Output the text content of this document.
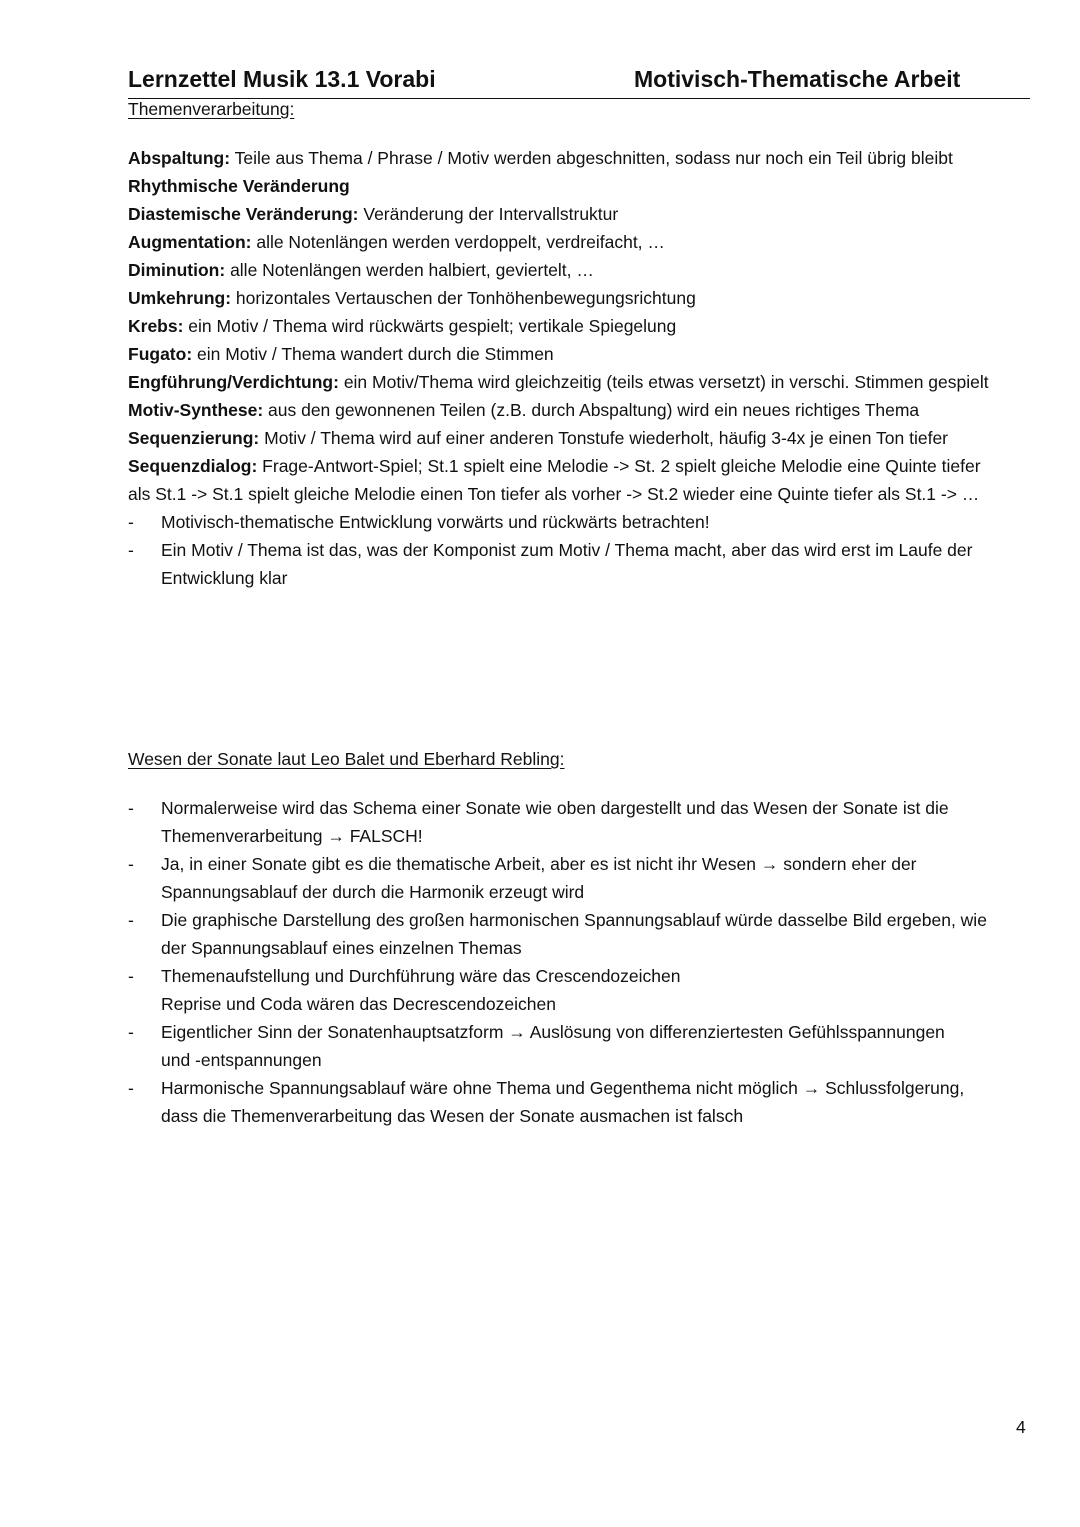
Lernzettel Musik 13.1 Vorabi	Motivisch-Thematische Arbeit
Themenverarbeitung:
Abspaltung: Teile aus Thema / Phrase / Motiv werden abgeschnitten, sodass nur noch ein Teil übrig bleibt
Rhythmische Veränderung
Diastemische Veränderung: Veränderung der Intervallstruktur
Augmentation: alle Notenlängen werden verdoppelt, verdreifacht, …
Diminution: alle Notenlängen werden halbiert, geviertelt, …
Umkehrung: horizontales Vertauschen der Tonhöhenbewegungsrichtung
Krebs: ein Motiv / Thema wird rückwärts gespielt; vertikale Spiegelung
Fugato: ein Motiv / Thema wandert durch die Stimmen
Engführung/Verdichtung: ein Motiv/Thema wird gleichzeitig (teils etwas versetzt) in verschi. Stimmen gespielt
Motiv-Synthese: aus den gewonnenen Teilen (z.B. durch Abspaltung) wird ein neues richtiges Thema
Sequenzierung: Motiv / Thema wird auf einer anderen Tonstufe wiederholt, häufig 3-4x je einen Ton tiefer
Sequenzdialog: Frage-Antwort-Spiel; St.1 spielt eine Melodie -> St. 2 spielt gleiche Melodie eine Quinte tiefer
als St.1 -> St.1 spielt gleiche Melodie einen Ton tiefer als vorher -> St.2 wieder eine Quinte tiefer als St.1 -> …
-	Motivisch-thematische Entwicklung vorwärts und rückwärts betrachten!
-	Ein Motiv / Thema ist das, was der Komponist zum Motiv / Thema macht, aber das wird erst im Laufe der
Entwicklung klar
Wesen der Sonate laut Leo Balet und Eberhard Rebling:
-	Normalerweise wird das Schema einer Sonate wie oben dargestellt und das Wesen der Sonate ist die
Themenverarbeitung → FALSCH!
-	Ja, in einer Sonate gibt es die thematische Arbeit, aber es ist nicht ihr Wesen → sondern eher der
Spannungsablauf der durch die Harmonik erzeugt wird
-	Die graphische Darstellung des großen harmonischen Spannungsablauf würde dasselbe Bild ergeben, wie
der Spannungsablauf eines einzelnen Themas
-	Themenaufstellung und Durchführung wäre das Crescendozeichen
Reprise und Coda wären das Decrescendozeichen
-	Eigentlicher Sinn der Sonatenhauptsatzform → Auslösung von differenziertesten Gefühlsspannungen
und -entspannungen
-	Harmonische Spannungsablauf wäre ohne Thema und Gegenthema nicht möglich → Schlussfolgerung,
dass die Themenverarbeitung das Wesen der Sonate ausmachen ist falsch
4
